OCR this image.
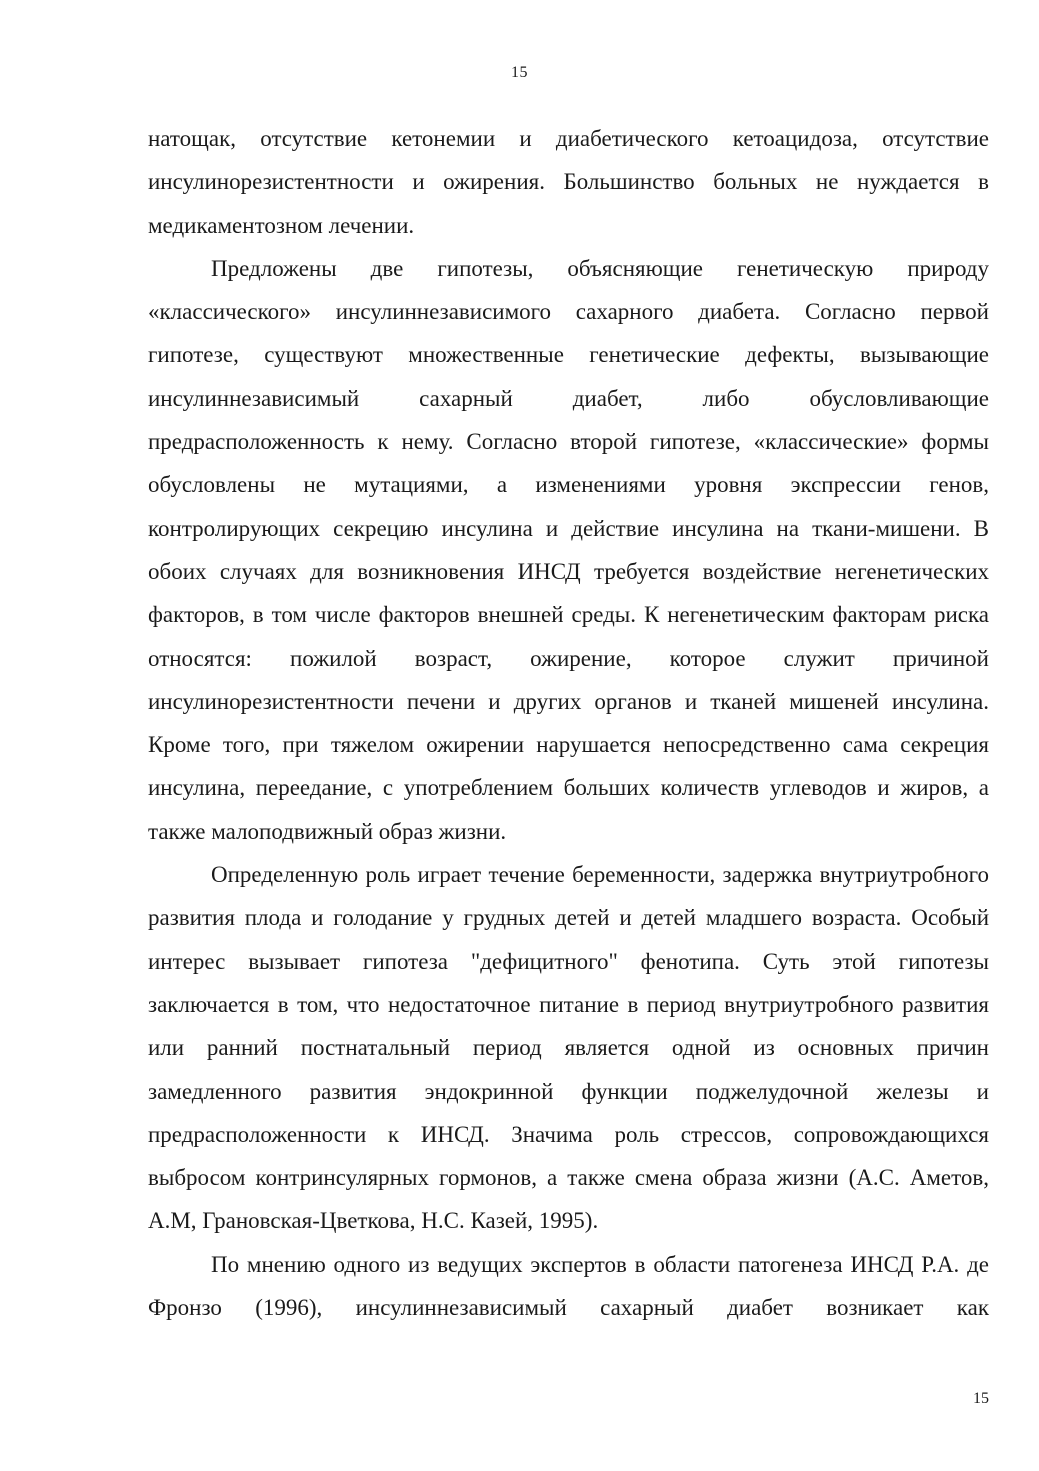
15

натощак, отсутствие кетонемии и диабетического кетоацидоза, отсутствие инсулинорезистентности и ожирения. Большинство больных не нуждается в медикаментозном лечении.

Предложены две гипотезы, объясняющие генетическую природу «классического» инсулиннезависимого сахарного диабета. Согласно первой гипотезе, существуют множественные генетические дефекты, вызывающие инсулиннезависимый сахарный диабет, либо обусловливающие предрасположенность к нему. Согласно второй гипотезе, «классические» формы обусловлены не мутациями, а изменениями уровня экспрессии генов, контролирующих секрецию инсулина и действие инсулина на ткани-мишени. В обоих случаях для возникновения ИНСД требуется воздействие негенетических факторов, в том числе факторов внешней среды. К негенетическим факторам риска относятся: пожилой возраст, ожирение, которое служит причиной инсулинорезистентности печени и других органов и тканей мишеней инсулина. Кроме того, при тяжелом ожирении нарушается непосредственно сама секреция инсулина, переедание, с употреблением больших количеств углеводов и жиров, а также малоподвижный образ жизни.

Определенную роль играет течение беременности, задержка внутриутробного развития плода и голодание у грудных детей и детей младшего возраста. Особый интерес вызывает гипотеза "дефицитного" фенотипа. Суть этой гипотезы заключается в том, что недостаточное питание в период внутриутробного развития или ранний постнатальный период является одной из основных причин замедленного развития эндокринной функции поджелудочной железы и предрасположенности к ИНСД. Значима роль стрессов, сопровождающихся выбросом контринсулярных гормонов, а также смена образа жизни (А.С. Аметов, А.М, Грановская-Цветкова, Н.С. Казей, 1995).

По мнению одного из ведущих экспертов в области патогенеза ИНСД Р.А. де Фронзо (1996), инсулиннезависимый сахарный диабет возникает как

15
